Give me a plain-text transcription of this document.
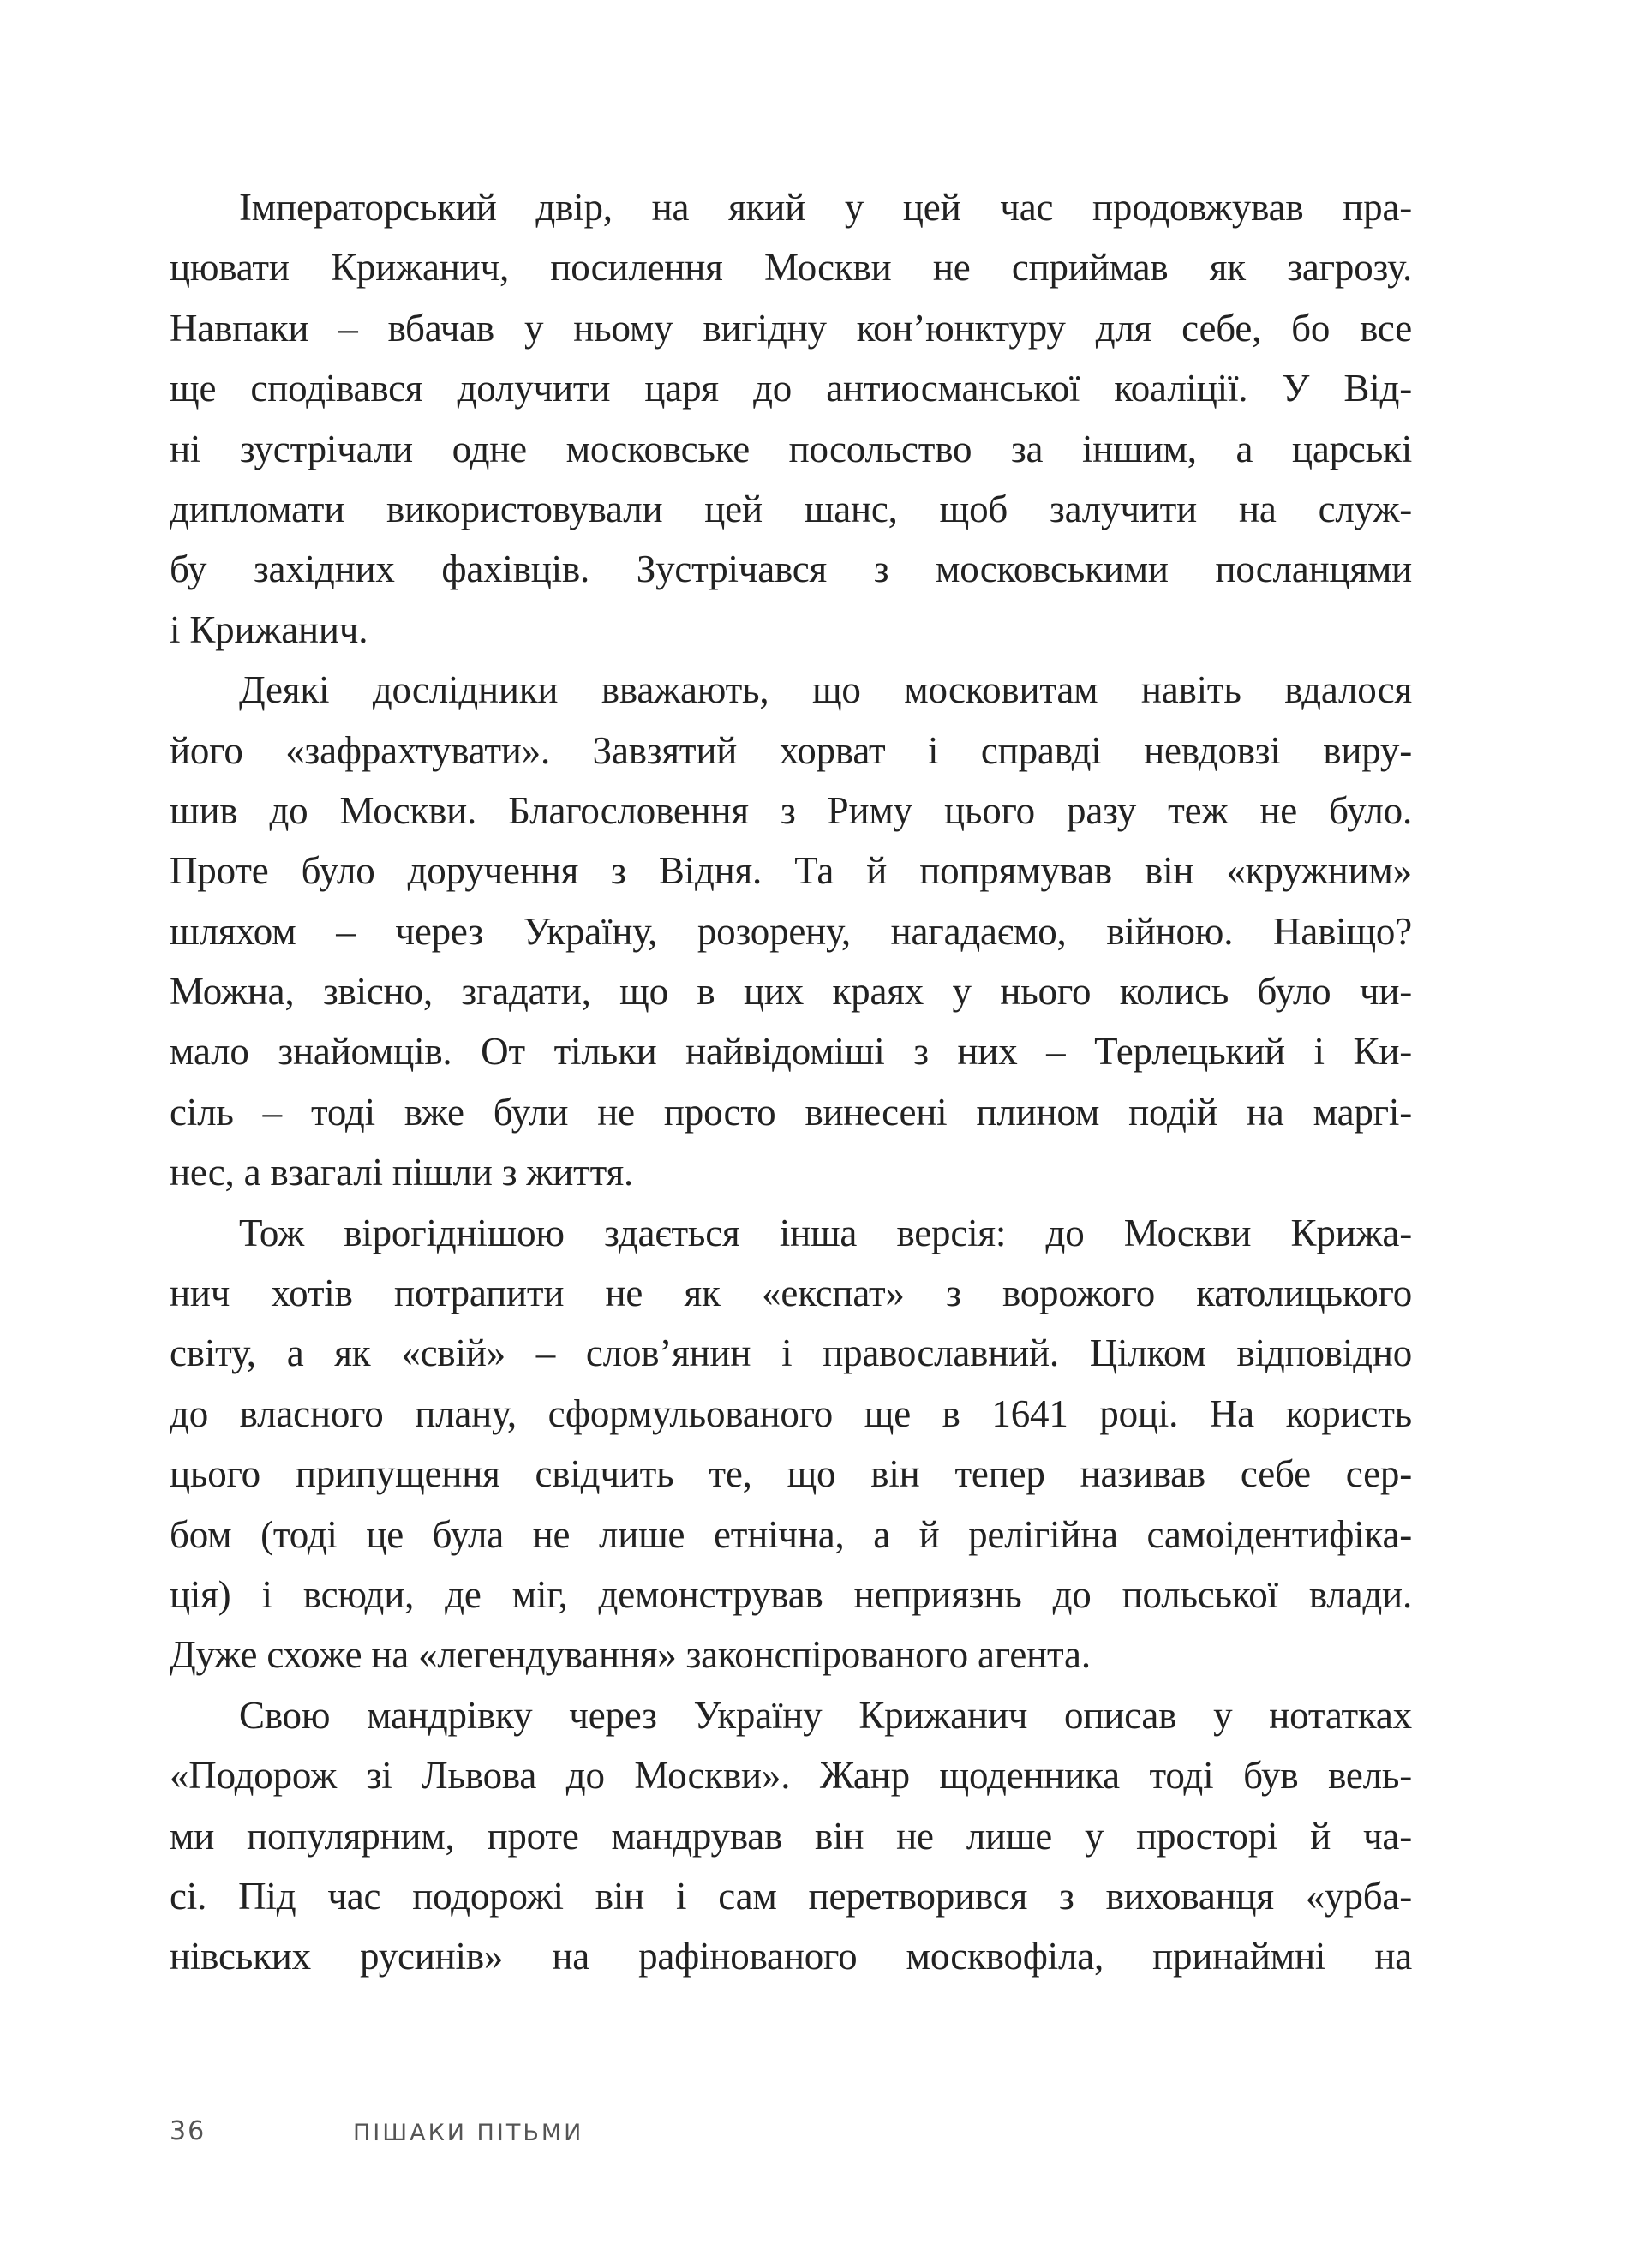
Імператорський двір, на який у цей час продовжував пра-
цювати Крижанич, посилення Москви не сприймав як загрозу.
Навпаки – вбачав у ньому вигідну кон’юнктуру для себе, бо все
ще сподівався долучити царя до антиосманської коаліції. У Від-
ні зустрічали одне московське посольство за іншим, а царські
дипломати використовували цей шанс, щоб залучити на служ-
бу західних фахівців. Зустрічався з московськими посланцями
і Крижанич.
Деякі дослідники вважають, що московитам навіть вдалося
його «зафрахтувати». Завзятий хорват і справді невдовзі виру-
шив до Москви. Благословення з Риму цього разу теж не було.
Проте було доручення з Відня. Та й попрямував він «кружним»
шляхом – через Україну, розорену, нагадаємо, війною. Навіщо?
Можна, звісно, згадати, що в цих краях у нього колись було чи-
мало знайомців. От тільки найвідоміші з них – Терлецький і Ки-
сіль – тоді вже були не просто винесені плином подій на маргі-
нес, а взагалі пішли з життя.
Тож вірогіднішою здається інша версія: до Москви Крижа-
нич хотів потрапити не як «експат» з ворожого католицького
світу, а як «свій» – слов’янин і православний. Цілком відповідно
до власного плану, сформульованого ще в 1641 році. На користь
цього припущення свідчить те, що він тепер називав себе сер-
бом (тоді це була не лише етнічна, а й релігійна самоідентифіка-
ція) і всюди, де міг, демонстрував неприязнь до польської влади.
Дуже схоже на «легендування» законспірованого агента.
Свою мандрівку через Україну Крижанич описав у нотатках
«Подорож зі Львова до Москви». Жанр щоденника тоді був вель-
ми популярним, проте мандрував він не лише у просторі й ча-
сі. Під час подорожі він і сам перетворився з вихованця «урба-
нівських русинів» на рафінованого москвофіла, принаймні на
36	ПІШАКИ ПІТЬМИ
